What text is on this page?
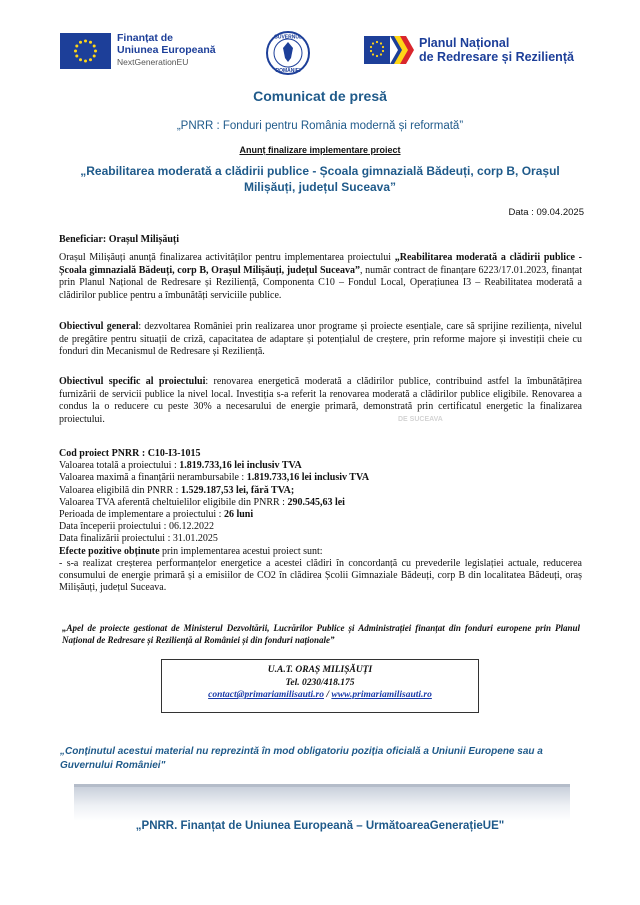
Finanțat de
Uniunea Europeană
NextGenerationEU
GUVERNUL
ROMÂNIEI
Planul Național
de Redresare și Reziliență
Comunicat de presă
„PNRR : Fonduri pentru România modernă și reformată”
Anunț finalizare implementare proiect
„Reabilitarea moderată a clădirii publice - Școala gimnazială Bădeuți, corp B, Orașul Milișăuți, județul Suceava”
Data : 09.04.2025
Beneficiar: Orașul Milișăuți
Orașul Milișăuți anunță finalizarea activităților pentru implementarea proiectului „Reabilitarea moderată a clădirii publice - Școala gimnazială Bădeuți, corp B, Orașul Milișăuți, județul Suceava”, număr contract de finanțare 6223/17.01.2023, finanțat prin Planul Național de Redresare și Reziliență, Componenta C10 – Fondul Local, Operațiunea I3 – Reabilitatea moderată a clădirilor publice pentru a îmbunătăți serviciile publice.
Obiectivul general: dezvoltarea României prin realizarea unor programe și proiecte esențiale, care să sprijine reziliența, nivelul de pregătire pentru situații de criză, capacitatea de adaptare și potențialul de creștere, prin reforme majore și investiții cheie cu fonduri din Mecanismul de Redresare și Reziliență.
Obiectivul specific al proiectului: renovarea energetică moderată a clădirilor publice, contribuind astfel la îmbunătățirea furnizării de servicii publice la nivel local. Investiția s-a referit la renovarea moderată a clădirilor publice eligibile. Renovarea a condus la o reducere cu peste 30% a necesarului de energie primară, demonstrată prin certificatul energetic la finalizarea proiectului.	DE SUCEAVA
Cod proiect PNRR : C10-I3-1015
Valoarea totală a proiectului : 1.819.733,16 lei inclusiv TVA
Valoarea maximă a finanțării nerambursabile : 1.819.733,16 lei inclusiv TVA
Valoarea eligibilă din PNRR : 1.529.187,53 lei, fără TVA;
Valoarea TVA aferentă cheltuielilor eligibile din PNRR : 290.545,63 lei
Perioada de implementare a proiectului : 26 luni
Data începerii proiectului : 06.12.2022
Data finalizării proiectului : 31.01.2025
Efecte pozitive obținute prin implementarea acestui proiect sunt:
- s-a realizat creșterea performanțelor energetice a acestei clădiri în concordanță cu prevederile legislației actuale, reducerea consumului de energie primară și a emisiilor de CO2 în clădirea Școlii Gimnaziale Bădeuți, corp B din localitatea Bădeuți, oraș Milișăuți, județul Suceava.
„Apel de proiecte gestionat de Ministerul Dezvoltării, Lucrărilor Publice și Administrației finanțat din fonduri europene prin Planul Național de Redresare și Reziliență al României și din fonduri naționale”
U.A.T. ORAȘ MILIȘĂUȚI
Tel. 0230/418.175
contact@primariamilisauti.ro / www.primariamilisauti.ro
„Conținutul acestui material nu reprezintă în mod obligatoriu poziția oficială a Uniunii Europene sau a Guvernului României"
„PNRR. Finanțat de Uniunea Europeană – UrmătoareaGenerațieUE"
